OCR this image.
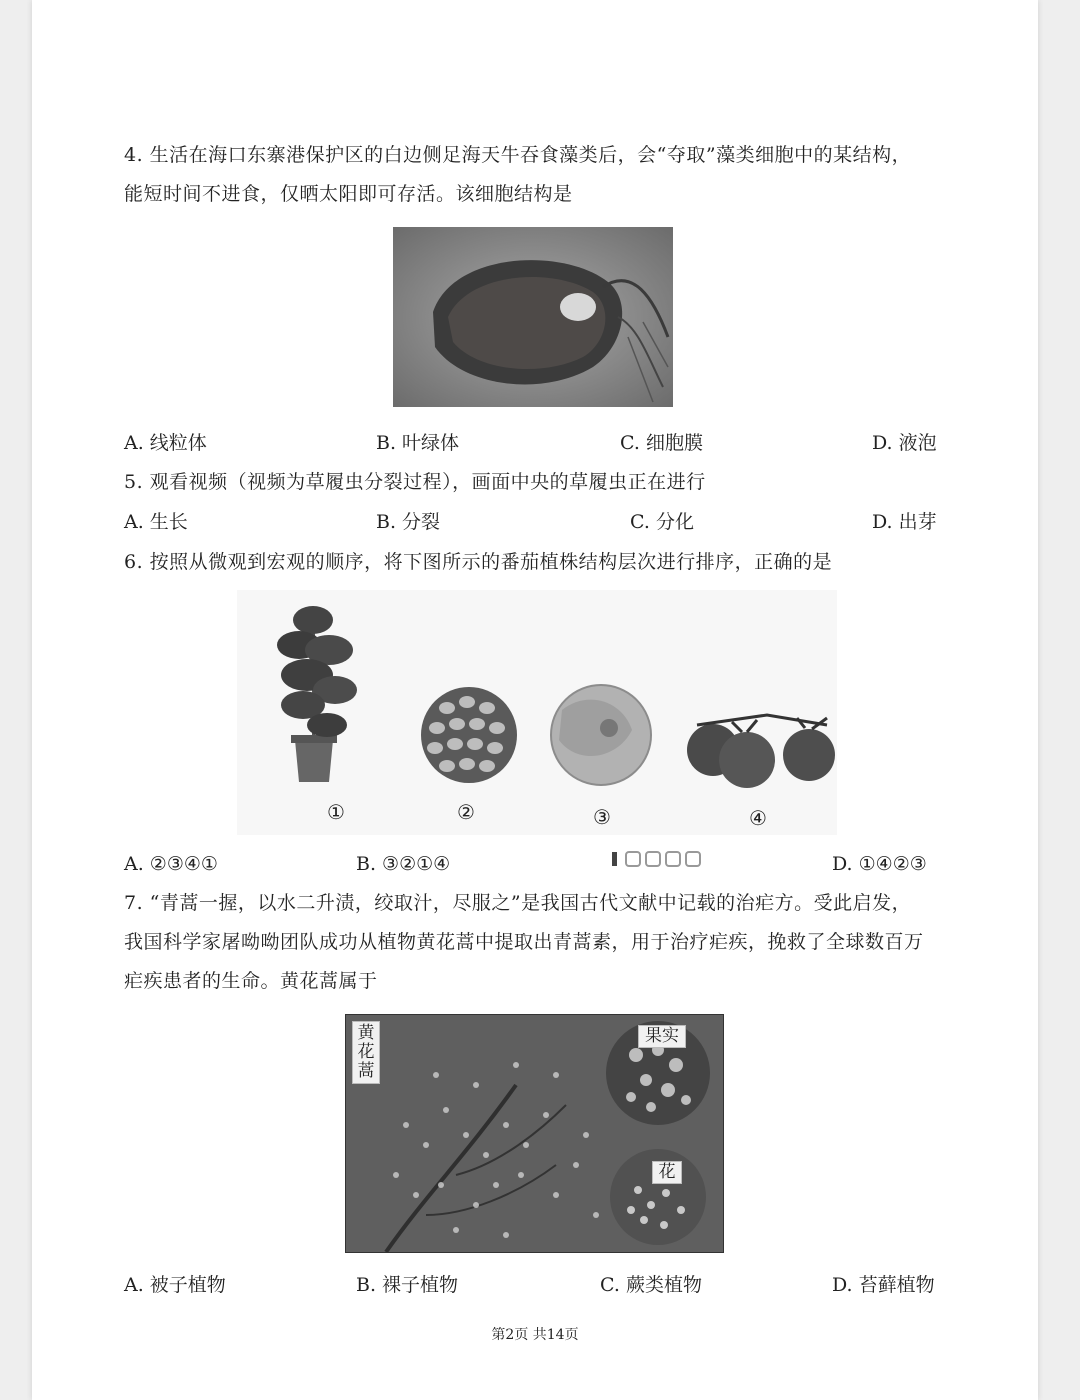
4. 生活在海口东寨港保护区的白边侧足海天牛吞食藻类后，会“夺取”藻类细胞中的某结构，
能短时间不进食，仅晒太阳即可存活。该细胞结构是
A. 线粒体	B. 叶绿体	C. 细胞膜	D. 液泡
5. 观看视频（视频为草履虫分裂过程），画面中央的草履虫正在进行
A. 生长	B. 分裂	C. 分化	D. 出芽
6. 按照从微观到宏观的顺序，将下图所示的番茄植株结构层次进行排序，正确的是
①	②	③	④
A. ②③④①	B. ③②①④	D. ①④②③
7. “青蒿一握，以水二升渍，绞取汁，尽服之”是我国古代文献中记载的治疟方。受此启发，
我国科学家屠呦呦团队成功从植物黄花蒿中提取出青蒿素，用于治疗疟疾，挽救了全球数百万
疟疾患者的生命。黄花蒿属于
黄花蒿
果实
花
A. 被子植物	B. 裸子植物	C. 蕨类植物	D. 苔藓植物
第2页 共14页
